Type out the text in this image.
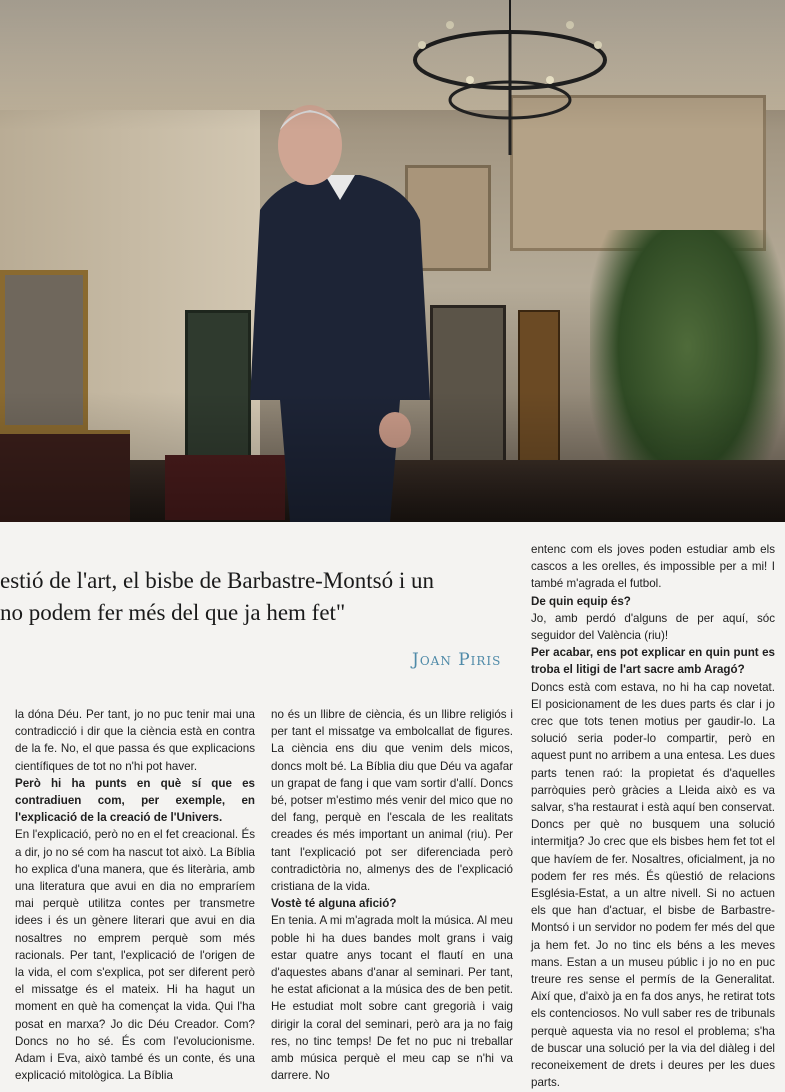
estió de l'art, el bisbe de Barbastre-Montsó i un
no podem fer més del que ja hem fet"
Joan Piris

la dóna Déu. Per tant, jo no puc tenir mai una contradicció i dir que la ciència està en contra de la fe. No, el que passa és que explicacions científiques de tot no n'hi pot haver.

Però hi ha punts en què sí que es contradiuen com, per exemple, en l'explicació de la creació de l'Univers.

En l'explicació, però no en el fet creacional. És a dir, jo no sé com ha nascut tot això. La Bíblia ho explica d'una manera, que és literària, amb una literatura que avui en dia no empraríem mai perquè utilitza contes per transmetre idees i és un gènere literari que avui en dia nosaltres no emprem perquè som més racionals. Per tant, l'explicació de l'origen de la vida, el com s'explica, pot ser diferent però el missatge és el mateix. Hi ha hagut un moment en què ha començat la vida. Qui l'ha posat en marxa? Jo dic Déu Creador. Com? Doncs no ho sé. És com l'evolucionisme. Adam i Eva, això també és un conte, és una explicació mitològica. La Bíblia

no és un llibre de ciència, és un llibre religiós i per tant el missatge va embolcallat de figures. La ciència ens diu que venim dels micos, doncs molt bé. La Bíblia diu que Déu va agafar un grapat de fang i que vam sortir d'allí. Doncs bé, potser m'estimo més venir del mico que no del fang, perquè en l'escala de les realitats creades és més important un animal (riu). Per tant l'explicació pot ser diferenciada però contradictòria no, almenys des de l'explicació cristiana de la vida.

Vostè té alguna afició?

En tenia. A mi m'agrada molt la música. Al meu poble hi ha dues bandes molt grans i vaig estar quatre anys tocant el flautí en una d'aquestes abans d'anar al seminari. Per tant, he estat aficionat a la música des de ben petit. He estudiat molt sobre cant gregorià i vaig dirigir la coral del seminari, però ara ja no faig res, no tinc temps! De fet no puc ni treballar amb música perquè el meu cap se n'hi va darrere. No

entenc com els joves poden estudiar amb els cascos a les orelles, és impossible per a mi! I també m'agrada el futbol.

De quin equip és?

Jo, amb perdó d'alguns de per aquí, sóc seguidor del València (riu)!

Per acabar, ens pot explicar en quin punt es troba el litigi de l'art sacre amb Aragó?

Doncs està com estava, no hi ha cap novetat. El posicionament de les dues parts és clar i jo crec que tots tenen motius per gaudir-lo. La solució seria poder-lo compartir, però en aquest punt no arribem a una entesa. Les dues parts tenen raó: la propietat és d'aquelles parròquies però gràcies a Lleida això es va salvar, s'ha restaurat i està aquí ben conservat. Doncs per què no busquem una solució intermitja? Jo crec que els bisbes hem fet tot el que havíem de fer. Nosaltres, oficialment, ja no podem fer res més. És qüestió de relacions Església-Estat, a un altre nivell. Si no actuen els que han d'actuar, el bisbe de Barbastre-Montsó i un servidor no podem fer més del que ja hem fet. Jo no tinc els béns a les meves mans. Estan a un museu públic i jo no en puc treure res sense el permís de la Generalitat. Així que, d'això ja en fa dos anys, he retirat tots els contenciosos. No vull saber res de tribunals perquè aquesta via no resol el problema; s'ha de buscar una solució per la via del diàleg i del reconeixement de drets i deures per les dues parts.
